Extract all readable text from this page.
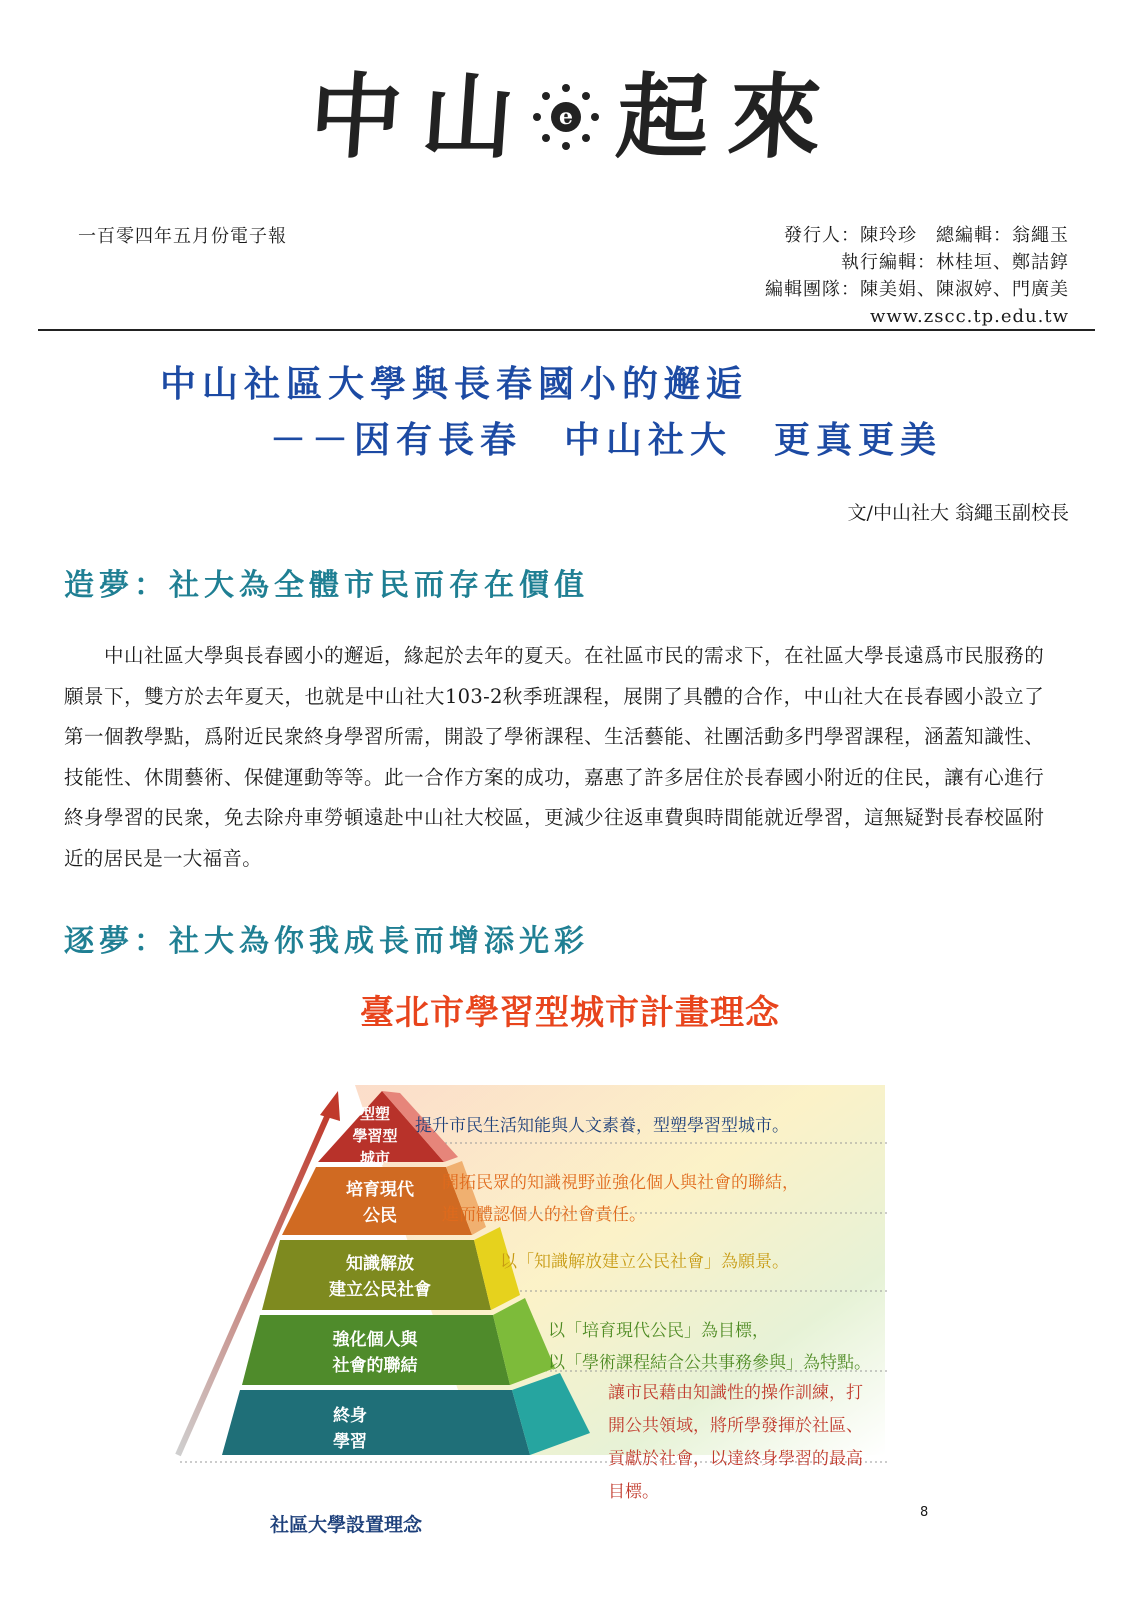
中 山 e 起 來
一百零四年五月份電子報	發行人：陳玲珍　總編輯：翁繩玉
執行編輯：林桂垣、鄭詰錞
編輯團隊：陳美娟、陳淑婷、門廣美
www.zscc.tp.edu.tw
中山社區大學與長春國小的邂逅
－－因有長春　中山社大　更真更美
文/中山社大 翁繩玉副校長
造夢：社大為全體市民而存在價值
中山社區大學與長春國小的邂逅，緣起於去年的夏天。在社區市民的需求下，在社區大學長遠爲市民服務的願景下，雙方於去年夏天，也就是中山社大103-2秋季班課程，展開了具體的合作，中山社大在長春國小設立了第一個教學點，爲附近民衆終身學習所需，開設了學術課程、生活藝能、社團活動多門學習課程，涵蓋知識性、技能性、休閒藝術、保健運動等等。此一合作方案的成功，嘉惠了許多居住於長春國小附近的住民，讓有心進行終身學習的民衆，免去除舟車勞頓遠赴中山社大校區，更減少往返車費與時間能就近學習，這無疑對長春校區附近的居民是一大福音。
逐夢：社大為你我成長而增添光彩
臺北市學習型城市計畫理念
型塑
學習型
城市
培育現代
公民
知識解放
建立公民社會
強化個人與
社會的聯結
終身
學習
提升市民生活知能與人文素養，型塑學習型城市。
開拓民眾的知識視野並強化個人與社會的聯結，
進而體認個人的社會責任。
以「知識解放建立公民社會」為願景。
以「培育現代公民」為目標，
以「學術課程結合公共事務參與」為特點。
讓市民藉由知識性的操作訓練，打
開公共領域，將所學發揮於社區、
貢獻於社會，以達終身學習的最高
目標。
社區大學設置理念
8
